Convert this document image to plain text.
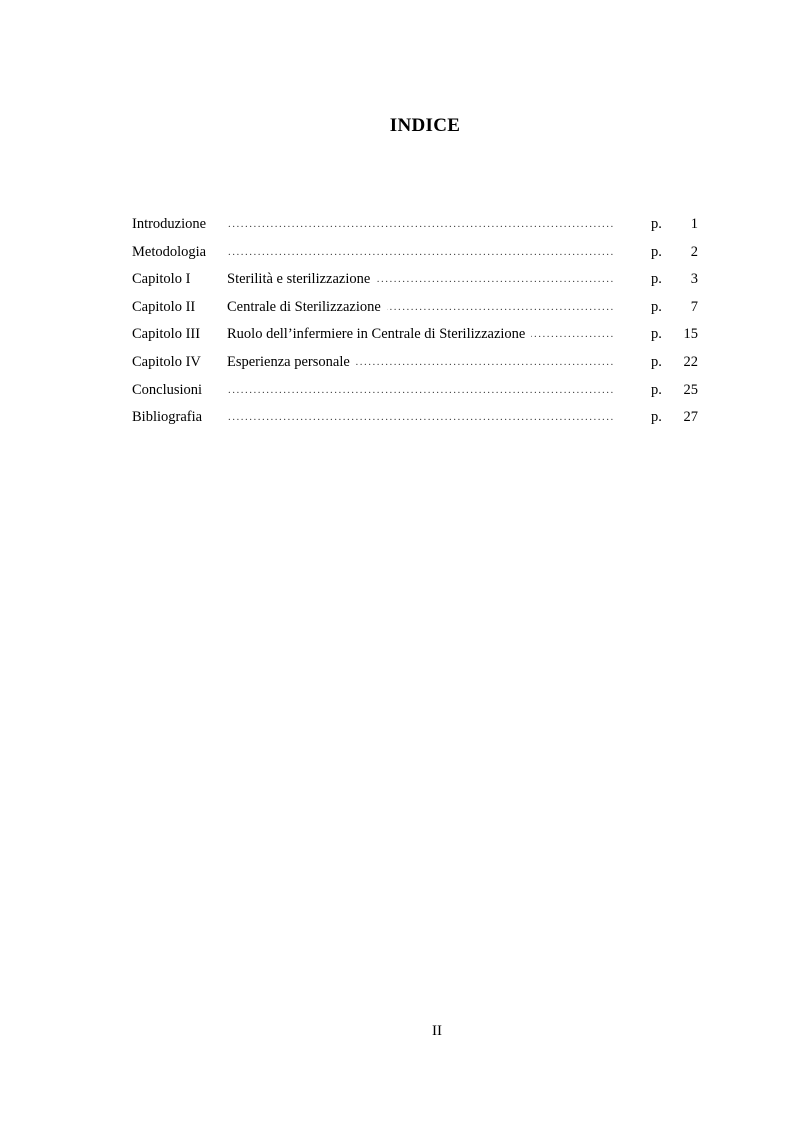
INDICE
Introduzione .....	p. 1
Metodologia .....	p. 2
Capitolo I .....	Sterilità e sterilizzazione	p. 3
Capitolo II ..... Centrale di Sterilizzazione	p. 7
Capitolo III ..... Ruolo dell’infermiere in Centrale di Sterilizzazione	p. 15
Capitolo IV ..... Esperienza personale	p. 22
Conclusioni .....	p. 25
Bibliografia .....	p. 27
II
